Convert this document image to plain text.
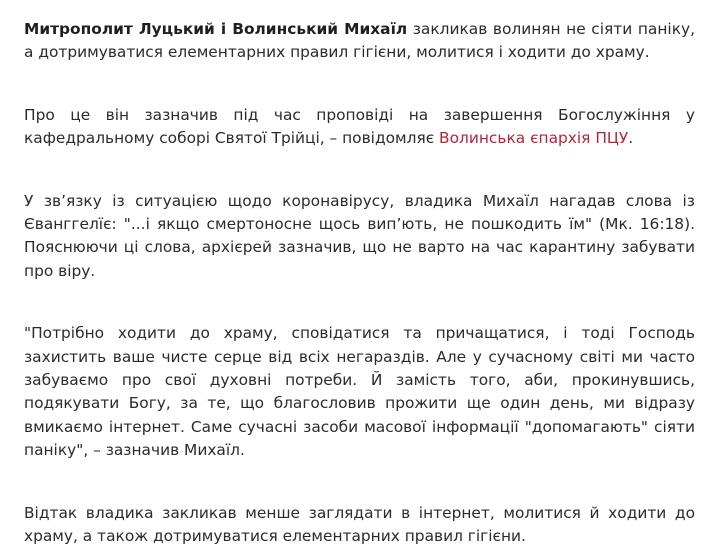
Митрополит Луцький і Волинський Михаїл закликав волинян не сіяти паніку, а дотримуватися елементарних правил гігієни, молитися і ходити до храму.

Про це він зазначив під час проповіді на завершення Богослужіння у кафедральному соборі Святої Трійці, – повідомляє Волинська єпархія ПЦУ.

У зв’язку із ситуацією щодо коронавірусу, владика Михаїл нагадав слова із Єванггелїє: "...і якщо смертоносне щось вип’ють, не пошкодить їм" (Мк. 16:18). Пояснюючи ці слова, архієрей зазначив, що не варто на час карантину забувати про віру.

"Потрібно ходити до храму, сповідатися та причащатися, і тоді Господь захистить ваше чисте серце від всіх негараздів. Але у сучасному світі ми часто забуваємо про свої духовні потреби. Й замість того, аби, прокинувшись, подякувати Богу, за те, що благословив прожити ще один день, ми відразу вмикаємо інтернет. Саме сучасні засоби масової інформації "допомагають" сіяти паніку", – зазначив Михаїл.

Відтак владика закликав менше заглядати в інтернет, молитися й ходити до храму, а також дотримуватися елементарних правил гігієни.
